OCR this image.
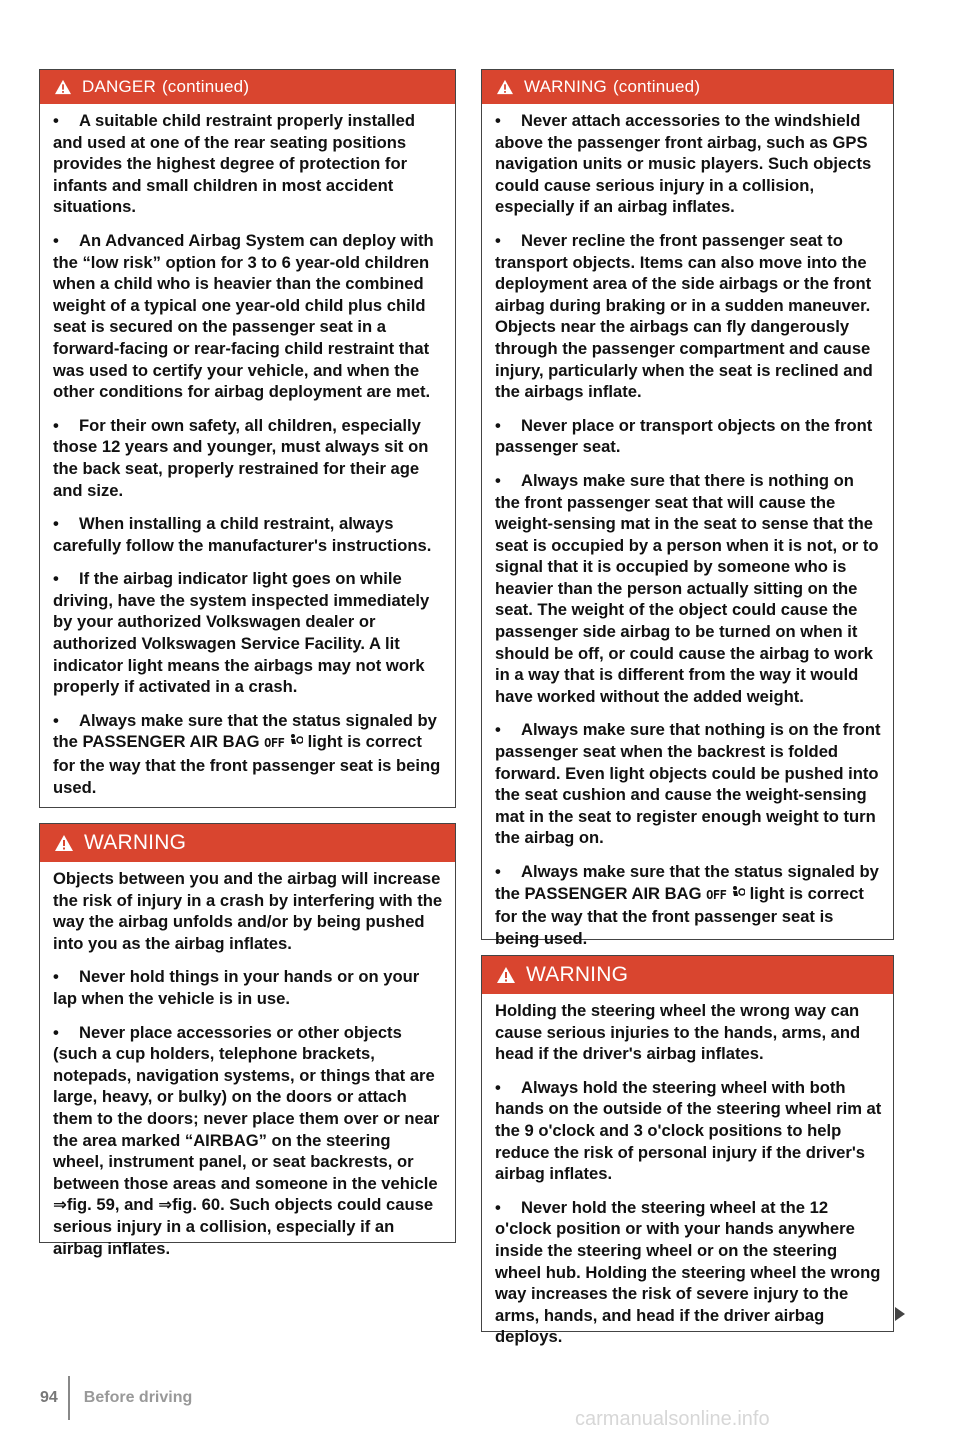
DANGER (continued)

• A suitable child restraint properly installed and used at one of the rear seating positions provides the highest degree of protection for infants and small children in most accident situations.

• An Advanced Airbag System can deploy with the “low risk” option for 3 to 6 year-old children when a child who is heavier than the combined weight of a typical one year-old child plus child seat is secured on the passenger seat in a forward-facing or rear-facing child restraint that was used to certify your vehicle, and when the other conditions for airbag deployment are met.

• For their own safety, all children, especially those 12 years and younger, must always sit on the back seat, properly restrained for their age and size.

• When installing a child restraint, always carefully follow the manufacturer's instructions.

• If the airbag indicator light goes on while driving, have the system inspected immediately by your authorized Volkswagen dealer or authorized Volkswagen Service Facility. A lit indicator light means the airbags may not work properly if activated in a crash.

• Always make sure that the status signaled by the PASSENGER AIR BAG OFF  light is correct for the way that the front passenger seat is being used.

WARNING

Objects between you and the airbag will increase the risk of injury in a crash by interfering with the way the airbag unfolds and/or by being pushed into you as the airbag inflates.

• Never hold things in your hands or on your lap when the vehicle is in use.

• Never place accessories or other objects (such a cup holders, telephone brackets, notepads, navigation systems, or things that are large, heavy, or bulky) on the doors or attach them to the doors; never place them over or near the area marked “AIRBAG” on the steering wheel, instrument panel, or seat backrests, or between those areas and someone in the vehicle ⇒fig. 59, and ⇒fig. 60. Such objects could cause serious injury in a collision, especially if an airbag inflates.

WARNING (continued)

• Never attach accessories to the windshield above the passenger front airbag, such as GPS navigation units or music players. Such objects could cause serious injury in a collision, especially if an airbag inflates.

• Never recline the front passenger seat to transport objects. Items can also move into the deployment area of the side airbags or the front airbag during braking or in a sudden maneuver. Objects near the airbags can fly dangerously through the passenger compartment and cause injury, particularly when the seat is reclined and the airbags inflate.

• Never place or transport objects on the front passenger seat.

• Always make sure that there is nothing on the front passenger seat that will cause the weight-sensing mat in the seat to sense that the seat is occupied by a person when it is not, or to signal that it is occupied by someone who is heavier than the person actually sitting on the seat. The weight of the object could cause the passenger side airbag to be turned on when it should be off, or could cause the airbag to work in a way that is different from the way it would have worked without the added weight.

• Always make sure that nothing is on the front passenger seat when the backrest is folded forward. Even light objects could be pushed into the seat cushion and cause the weight-sensing mat in the seat to register enough weight to turn the airbag on.

• Always make sure that the status signaled by the PASSENGER AIR BAG OFF  light is correct for the way that the front passenger seat is being used.

WARNING

Holding the steering wheel the wrong way can cause serious injuries to the hands, arms, and head if the driver's airbag inflates.

• Always hold the steering wheel with both hands on the outside of the steering wheel rim at the 9 o'clock and 3 o'clock positions to help reduce the risk of personal injury if the driver's airbag inflates.

• Never hold the steering wheel at the 12 o'clock position or with your hands anywhere inside the steering wheel or on the steering wheel hub. Holding the steering wheel the wrong way increases the risk of severe injury to the arms, hands, and head if the driver airbag deploys.

94 Before driving
carmanualsonline.info
